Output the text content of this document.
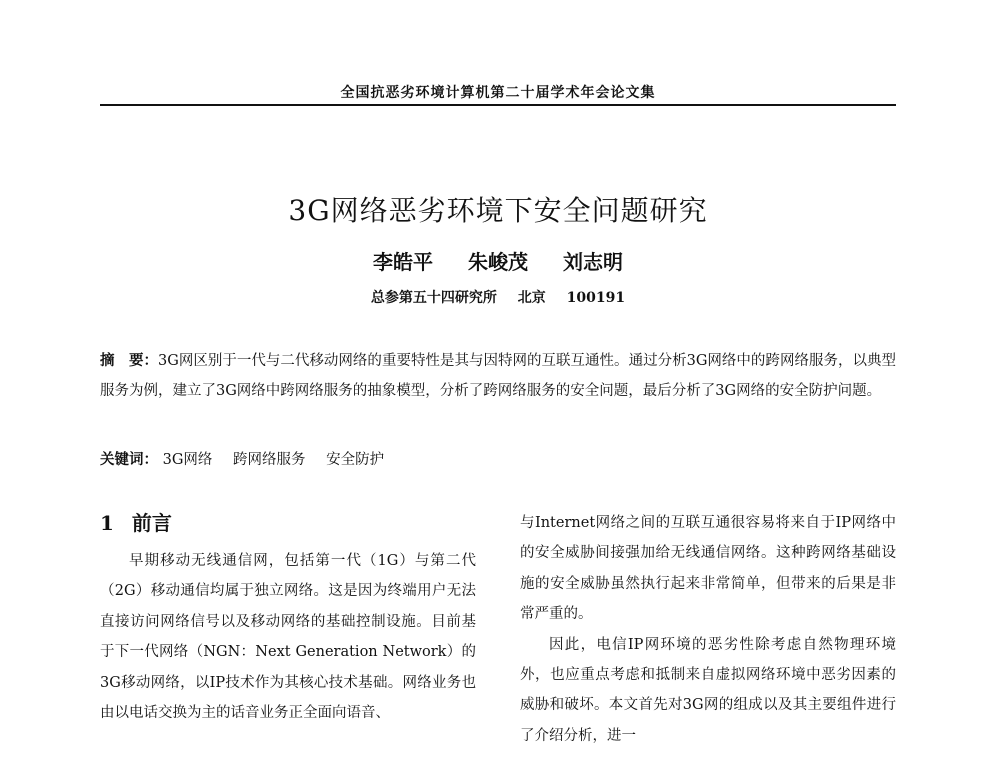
全国抗恶劣环境计算机第二十届学术年会论文集
3G网络恶劣环境下安全问题研究
李皓平 朱峻茂 刘志明
总参第五十四研究所 北京 100191
摘　要：3G网区别于一代与二代移动网络的重要特性是其与因特网的互联互通性。通过分析3G网络中的跨网络服务，以典型服务为例，建立了3G网络中跨网络服务的抽象模型，分析了跨网络服务的安全问题，最后分析了3G网络的安全防护问题。
关键词： 3G网络 跨网络服务 安全防护
1 前言

早期移动无线通信网，包括第一代（1G）与第二代（2G）移动通信均属于独立网络。这是因为终端用户无法直接访问网络信号以及移动网络的基础控制设施。目前基于下一代网络（NGN：Next Generation Network）的3G移动网络，以IP技术作为其核心技术基础。网络业务也由以电话交换为主的话音业务正全面向语音、

与Internet网络之间的互联互通很容易将来自于IP网络中的安全威胁间接强加给无线通信网络。这种跨网络基础设施的安全威胁虽然执行起来非常简单，但带来的后果是非常严重的。

因此，电信IP网环境的恶劣性除考虑自然物理环境外，也应重点考虑和抵制来自虚拟网络环境中恶劣因素的威胁和破坏。本文首先对3G网的组成以及其主要组件进行了介绍分析，进一
